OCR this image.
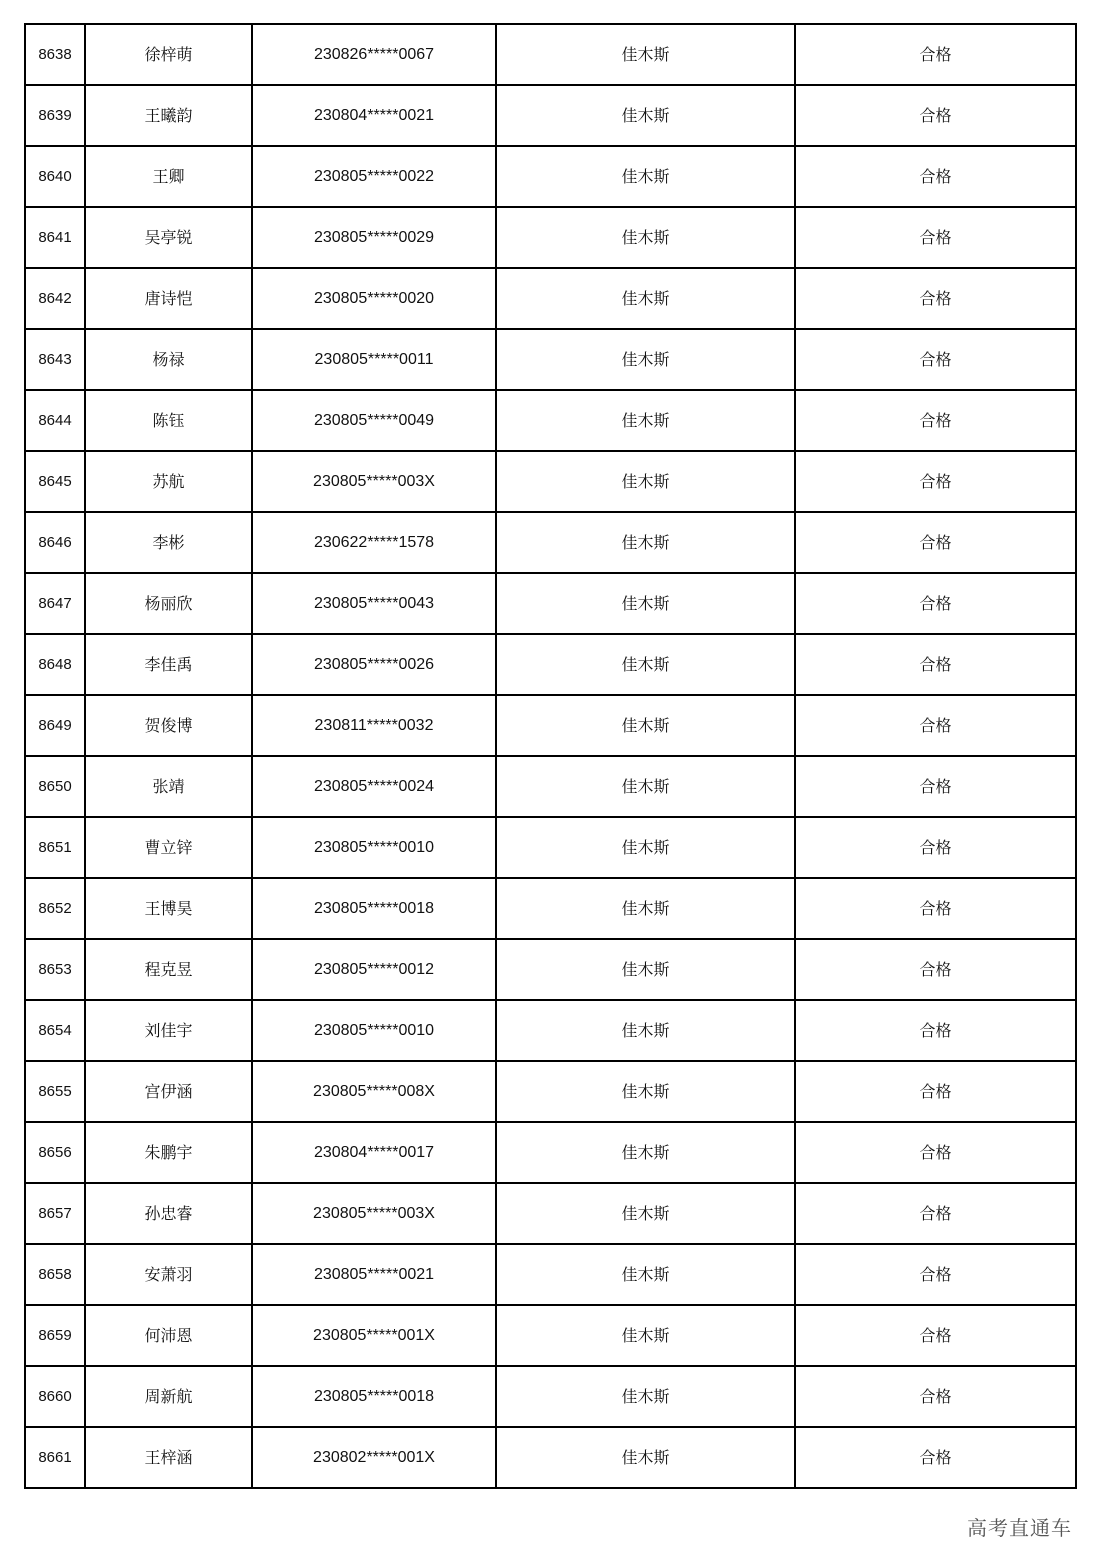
8638	徐梓萌	230826*****0067	佳木斯	合格
8639	王曦韵	230804*****0021	佳木斯	合格
8640	王卿	230805*****0022	佳木斯	合格
8641	吴亭锐	230805*****0029	佳木斯	合格
8642	唐诗恺	230805*****0020	佳木斯	合格
8643	杨禄	230805*****0011	佳木斯	合格
8644	陈钰	230805*****0049	佳木斯	合格
8645	苏航	230805*****003X	佳木斯	合格
8646	李彬	230622*****1578	佳木斯	合格
8647	杨丽欣	230805*****0043	佳木斯	合格
8648	李佳禹	230805*****0026	佳木斯	合格
8649	贺俊博	230811*****0032	佳木斯	合格
8650	张靖	230805*****0024	佳木斯	合格
8651	曹立锌	230805*****0010	佳木斯	合格
8652	王博昊	230805*****0018	佳木斯	合格
8653	程克昱	230805*****0012	佳木斯	合格
8654	刘佳宇	230805*****0010	佳木斯	合格
8655	宫伊涵	230805*****008X	佳木斯	合格
8656	朱鹏宇	230804*****0017	佳木斯	合格
8657	孙忠睿	230805*****003X	佳木斯	合格
8658	安萧羽	230805*****0021	佳木斯	合格
8659	何沛恩	230805*****001X	佳木斯	合格
8660	周新航	230805*****0018	佳木斯	合格
8661	王梓涵	230802*****001X	佳木斯	合格
高考直通车
